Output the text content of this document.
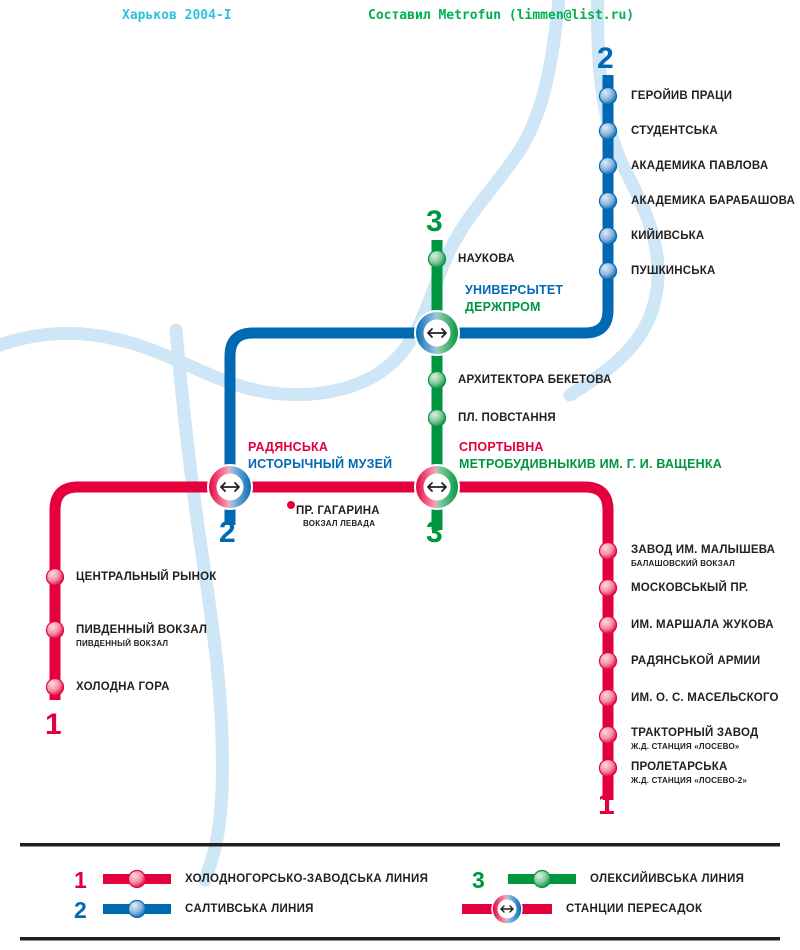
Харьков 2004-I	Составил Metrofun (limmen@list.ru)
2
3
2	3
1
1
ГЕРОЙИВ ПРАЦИ
СТУДЕНТСЬКА
АКАДЕМИКА ПАВЛОВА
АКАДЕМИКА БАРАБАШОВА
КИЙИВСЬКА
ПУШКИНСЬКА
НАУКОВА
АРХИТЕКТОРА БЕКЕТОВА
ПЛ. ПОВСТАННЯ
УНИВЕРСЫТЕТ
ДЕРЖПРОМ
РАДЯНСЬКА
ИСТОРЫЧНЫЙ МУЗЕЙ
СПОРТЫВНА
МЕТРОБУДИВНЫКИВ ИМ. Г. И. ВАЩЕНКА
ПР. ГАГАРИНА
ВОКЗАЛ ЛЕВАДА
ЦЕНТРАЛЬНЫЙ РЫНОК
ПИВДЕННЫЙ ВОКЗАЛ
ПИВДЕННЫЙ ВОКЗАЛ
ХОЛОДНА ГОРА
ЗАВОД ИМ. МАЛЫШЕВА
БАЛАШОВСКИЙ ВОКЗАЛ
МОСКОВСЬКЫЙ ПР.
ИМ. МАРШАЛА ЖУКОВА
РАДЯНСЬКОЙ АРМИИ
ИМ. О. С. МАСЕЛЬСКОГО
ТРАКТОРНЫЙ ЗАВОД
Ж.Д. СТАНЦИЯ «ЛОСЕВО»
ПРОЛЕТАРСЬКА
Ж.Д. СТАНЦИЯ «ЛОСЕВО-2»
1	ХОЛОДНОГОРСЬКО-ЗАВОДСЬКА ЛИНИЯ
2	САЛТИВСЬКА ЛИНИЯ
3	ОЛЕКСИЙИВСЬКА ЛИНИЯ
СТАНЦИИ ПЕРЕСАДОК
